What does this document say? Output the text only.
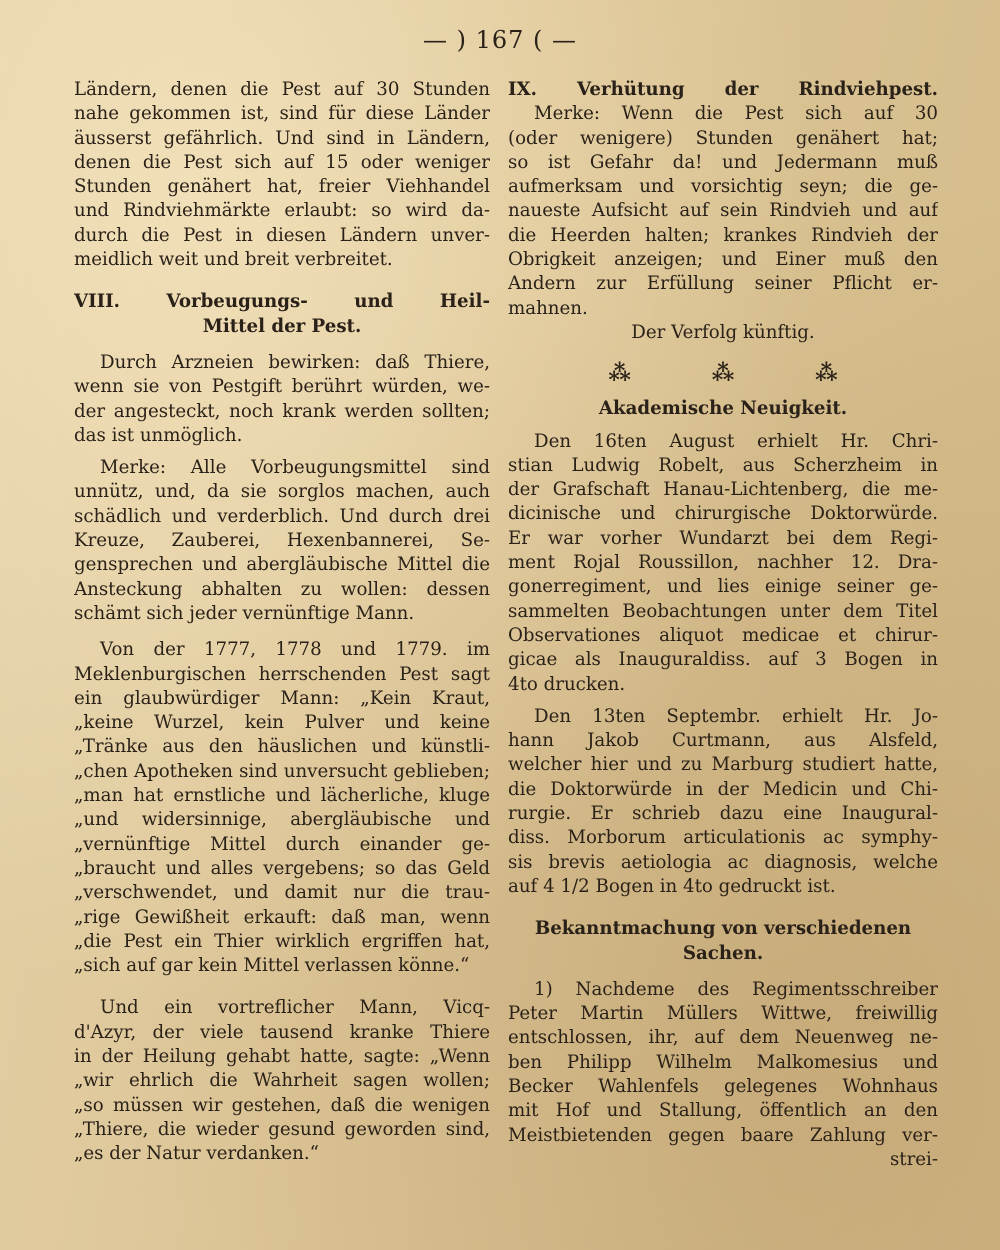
— ) 167 ( —
Ländern, denen die Pest auf 30 Stunden
nahe gekommen ist, sind für diese Länder
äusserst gefährlich. Und sind in Ländern,
denen die Pest sich auf 15 oder weniger
Stunden genähert hat, freier Viehhandel
und Rindviehmärkte erlaubt: so wird da-
durch die Pest in diesen Ländern unver-
meidlich weit und breit verbreitet.
VIII. Vorbeugungs- und Heil-
Mittel der Pest.
Durch Arzneien bewirken: daß Thiere,
wenn sie von Pestgift berührt würden, we-
der angesteckt, noch krank werden sollten;
das ist unmöglich.
Merke: Alle Vorbeugungsmittel sind
unnütz, und, da sie sorglos machen, auch
schädlich und verderblich. Und durch drei
Kreuze, Zauberei, Hexenbannerei, Se-
gensprechen und abergläubische Mittel die
Ansteckung abhalten zu wollen: dessen
schämt sich jeder vernünftige Mann.
Von der 1777, 1778 und 1779. im
Meklenburgischen herrschenden Pest sagt
ein glaubwürdiger Mann: „Kein Kraut,
„keine Wurzel, kein Pulver und keine
„Tränke aus den häuslichen und künstli-
„chen Apotheken sind unversucht geblieben;
„man hat ernstliche und lächerliche, kluge
„und widersinnige, abergläubische und
„vernünftige Mittel durch einander ge-
„braucht und alles vergebens; so das Geld
„verschwendet, und damit nur die trau-
„rige Gewißheit erkauft: daß man, wenn
„die Pest ein Thier wirklich ergriffen hat,
„sich auf gar kein Mittel verlassen könne.“
Und ein vortreflicher Mann, Vicq-
d'Azyr, der viele tausend kranke Thiere
in der Heilung gehabt hatte, sagte: „Wenn
„wir ehrlich die Wahrheit sagen wollen;
„so müssen wir gestehen, daß die wenigen
„Thiere, die wieder gesund geworden sind,
„es der Natur verdanken.“
IX. Verhütung der Rindviehpest.
Merke: Wenn die Pest sich auf 30
(oder wenigere) Stunden genähert hat;
so ist Gefahr da! und Jedermann muß
aufmerksam und vorsichtig seyn; die ge-
naueste Aufsicht auf sein Rindvieh und auf
die Heerden halten; krankes Rindvieh der
Obrigkeit anzeigen; und Einer muß den
Andern zur Erfüllung seiner Pflicht er-
mahnen.
Der Verfolg künftig.
⁂	⁂	⁂
Akademische Neuigkeit.
Den 16ten August erhielt Hr. Chri-
stian Ludwig Robelt, aus Scherzheim in
der Grafschaft Hanau-Lichtenberg, die me-
dicinische und chirurgische Doktorwürde.
Er war vorher Wundarzt bei dem Regi-
ment Rojal Roussillon, nachher 12. Dra-
gonerregiment, und lies einige seiner ge-
sammelten Beobachtungen unter dem Titel
Observationes aliquot medicae et chirur-
gicae als Inauguraldiss. auf 3 Bogen in
4to drucken.
Den 13ten Septembr. erhielt Hr. Jo-
hann Jakob Curtmann, aus Alsfeld,
welcher hier und zu Marburg studiert hatte,
die Doktorwürde in der Medicin und Chi-
rurgie. Er schrieb dazu eine Inaugural-
diss. Morborum articulationis ac symphy-
sis brevis aetiologia ac diagnosis, welche
auf 4 1/2 Bogen in 4to gedruckt ist.
Bekanntmachung von verschiedenen
Sachen.
1) Nachdeme des Regimentsschreiber
Peter Martin Müllers Wittwe, freiwillig
entschlossen, ihr, auf dem Neuenweg ne-
ben Philipp Wilhelm Malkomesius und
Becker Wahlenfels gelegenes Wohnhaus
mit Hof und Stallung, öffentlich an den
Meistbietenden gegen baare Zahlung ver-
strei-
